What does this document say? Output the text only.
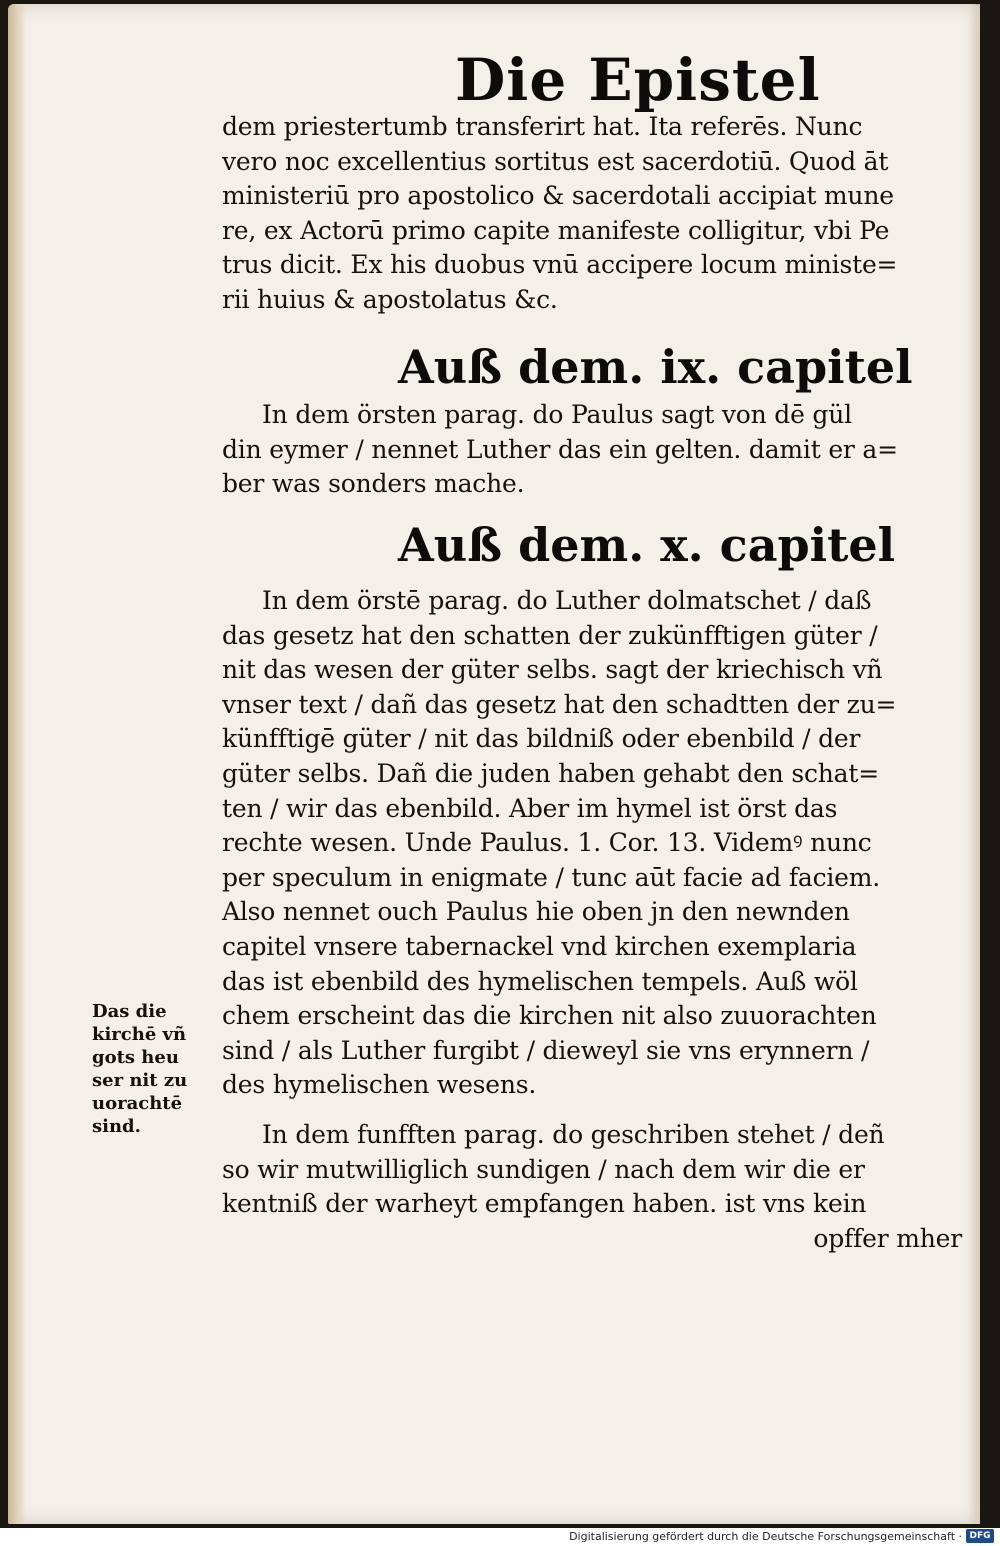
Die Epistel
dem priestertumb transferirt hat. Ita referēs. Nunc
vero noc excellentius sortitus est sacerdotiū. Quod āt
ministeriū pro apostolico & sacerdotali accipiat mune
re, ex Actorū primo capite manifeste colligitur, vbi Pe
trus dicit. Ex his duobus vnū accipere locum ministe=
rii huius & apostolatus &c.
Auß dem. ix. capitel
In dem örsten parag. do Paulus sagt von dē gül
din eymer / nennet Luther das ein gelten. damit er a=
ber was sonders mache.
Auß dem. x. capitel
In dem örstē parag. do Luther dolmatschet / daß
das gesetz hat den schatten der zukünfftigen güter /
nit das wesen der güter selbs. sagt der kriechisch vñ
vnser text / dañ das gesetz hat den schadtten der zu=
künfftigē güter / nit das bildniß oder ebenbild / der
güter selbs. Dañ die juden haben gehabt den schat=
ten / wir das ebenbild. Aber im hymel ist örst das
rechte wesen. Unde Paulus. 1. Cor. 13. Videmꝰ nunc
per speculum in enigmate / tunc aūt facie ad faciem.
Also nennet ouch Paulus hie oben jn den newnden
capitel vnsere tabernackel vnd kirchen exemplaria
das ist ebenbild des hymelischen tempels. Auß wöl
chem erscheint das die kirchen nit also zuuorachten
sind / als Luther furgibt / dieweyl sie vns erynnern /
des hymelischen wesens.
In dem funfften parag. do geschriben stehet / deñ
so wir mutwilliglich sundigen / nach dem wir die er
kentniß der warheyt empfangen haben. ist vns kein
opffer mher
Das die
kirchē vñ
gots heu
ser nit zu
uorachtē
sind.
Digitalisierung gefördert durch die Deutsche Forschungsgemeinschaft · DFG
